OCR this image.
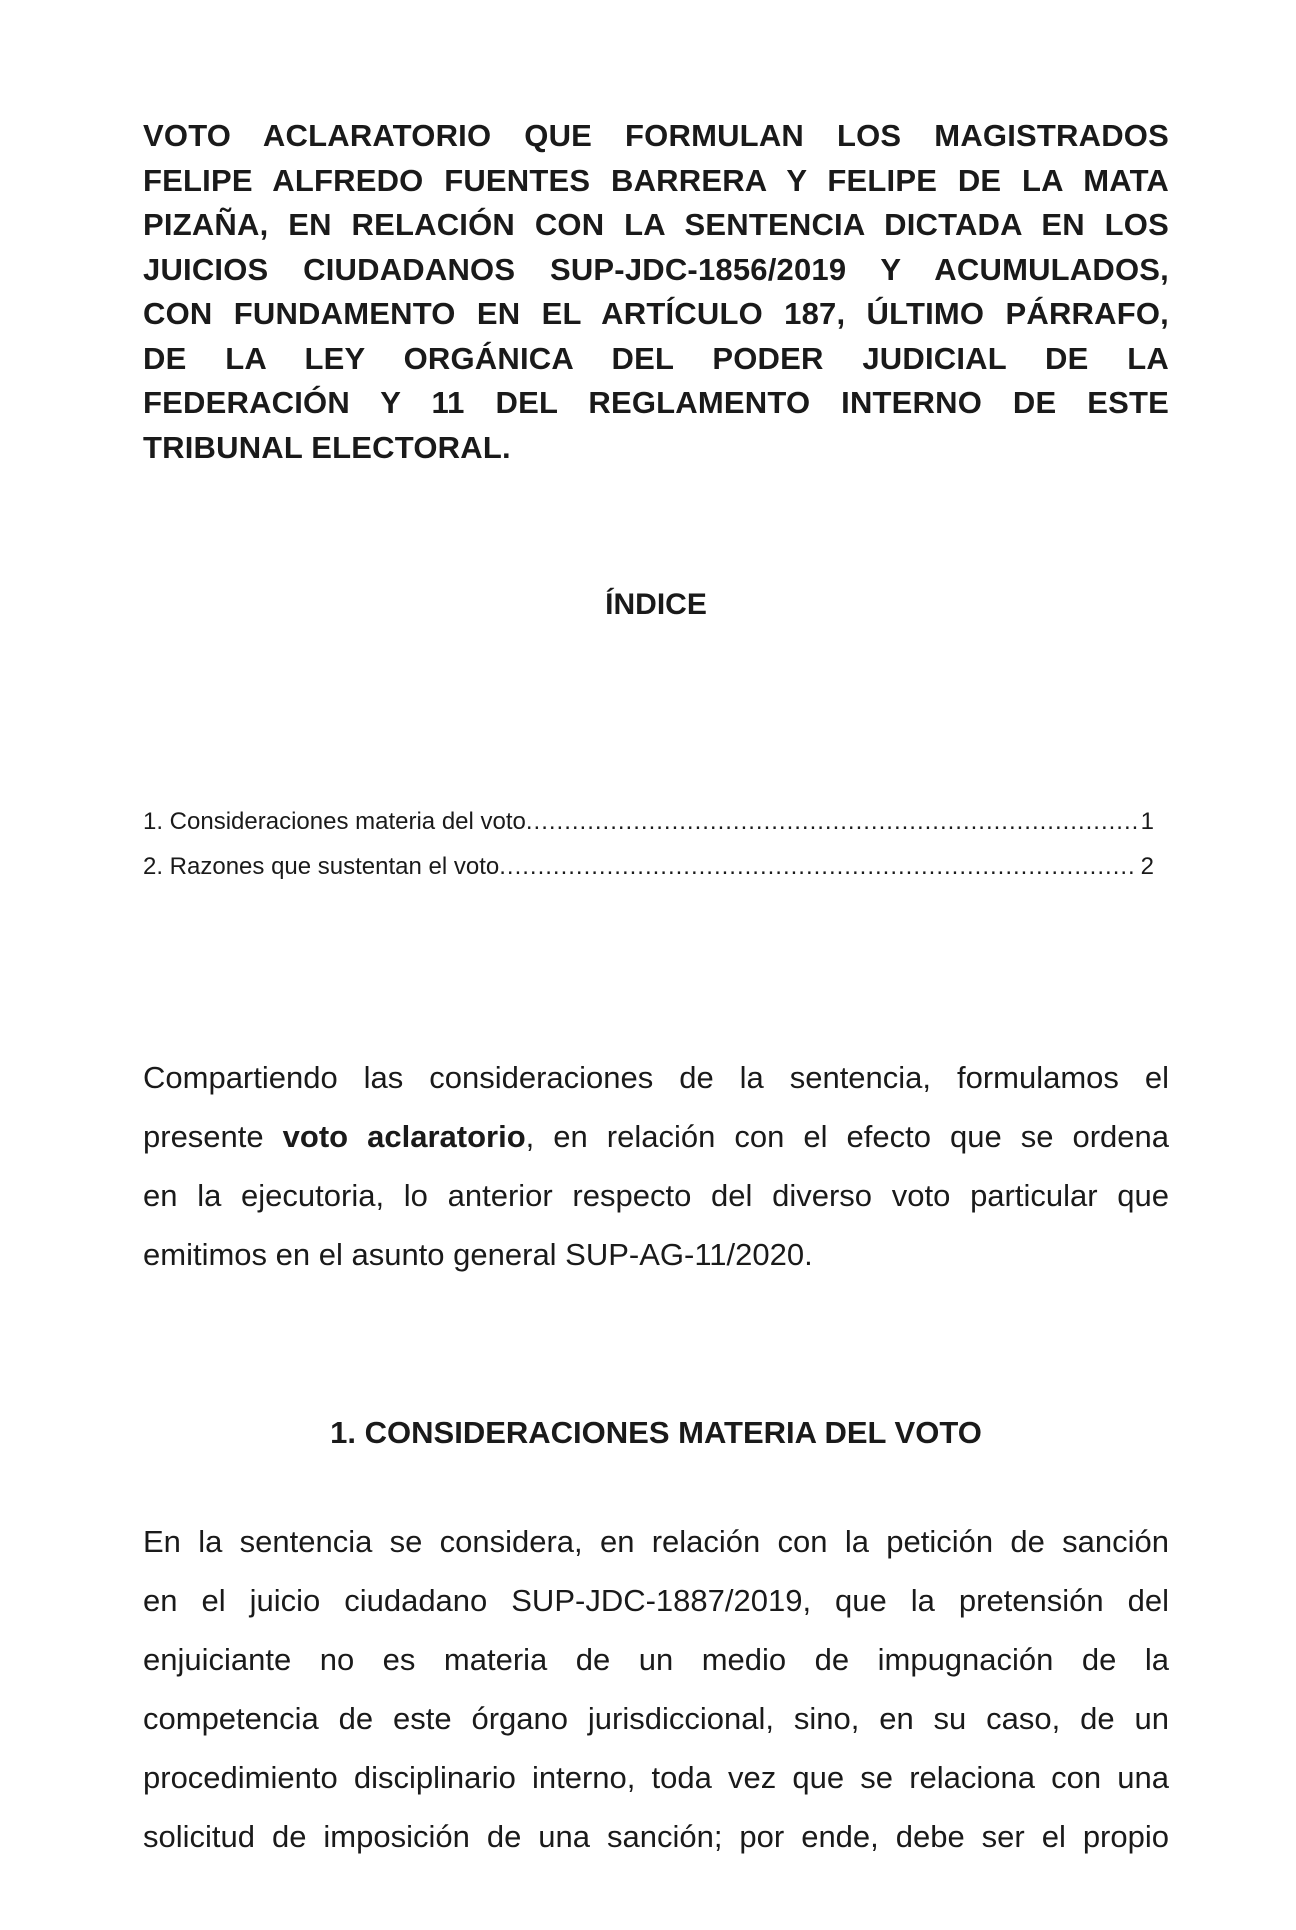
VOTO ACLARATORIO QUE FORMULAN LOS MAGISTRADOS
FELIPE ALFREDO FUENTES BARRERA Y FELIPE DE LA MATA
PIZAÑA, EN RELACIÓN CON LA SENTENCIA DICTADA EN LOS
JUICIOS CIUDADANOS SUP-JDC-1856/2019 Y ACUMULADOS,
CON FUNDAMENTO EN EL ARTÍCULO 187, ÚLTIMO PÁRRAFO,
DE LA LEY ORGÁNICA DEL PODER JUDICIAL DE LA
FEDERACIÓN Y 11 DEL REGLAMENTO INTERNO DE ESTE
TRIBUNAL ELECTORAL.
ÍNDICE
1. Consideraciones materia del voto .....	1
2. Razones que sustentan el voto .....	2
Compartiendo las consideraciones de la sentencia, formulamos el
presente voto aclaratorio, en relación con el efecto que se ordena
en la ejecutoria, lo anterior respecto del diverso voto particular que
emitimos en el asunto general SUP-AG-11/2020.
1. CONSIDERACIONES MATERIA DEL VOTO
En la sentencia se considera, en relación con la petición de sanción
en el juicio ciudadano SUP-JDC-1887/2019, que la pretensión del
enjuiciante no es materia de un medio de impugnación de la
competencia de este órgano jurisdiccional, sino, en su caso, de un
procedimiento disciplinario interno, toda vez que se relaciona con una
solicitud de imposición de una sanción; por ende, debe ser el propio
